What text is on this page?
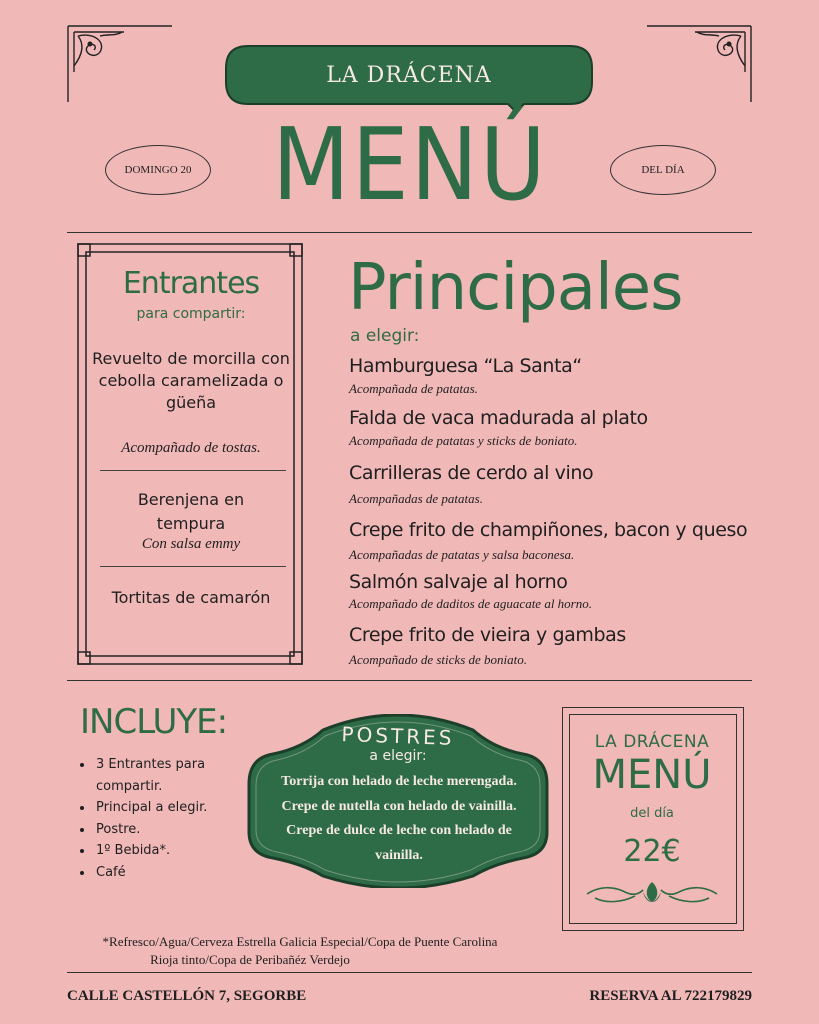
LA DRÁCENA
DOMINGO 20	DEL DÍA
MENÚ
Entrantes
para compartir:
Revuelto de morcilla con cebolla caramelizada o güeña
Acompañado de tostas.
Berenjena en tempura
Con salsa emmy
Tortitas de camarón
Principales
a elegir:
Hamburguesa “La Santa“
Acompañada de patatas.
Falda de vaca madurada al plato
Acompañada de patatas y sticks de boniato.
Carrilleras de cerdo al vino
Acompañadas de patatas.
Crepe frito de champiñones, bacon y queso
Acompañadas de patatas y salsa baconesa.
Salmón salvaje al horno
Acompañado de daditos de aguacate al horno.
Crepe frito de vieira y gambas
Acompañado de sticks de boniato.
INCLUYE:
• 3 Entrantes para compartir.
• Principal a elegir.
• Postre.
• 1º Bebida*.
• Café
POSTRES
a elegir:
Torrija con helado de leche merengada.
Crepe de nutella con helado de vainilla.
Crepe de dulce de leche con helado de vainilla.
LA DRÁCENA
MENÚ
del día
22€
*Refresco/Agua/Cerveza Estrella Galicia Especial/Copa de Puente Carolina
Rioja tinto/Copa de Peribañéz Verdejo
CALLE CASTELLÓN 7, SEGORBE	RESERVA AL 722179829
